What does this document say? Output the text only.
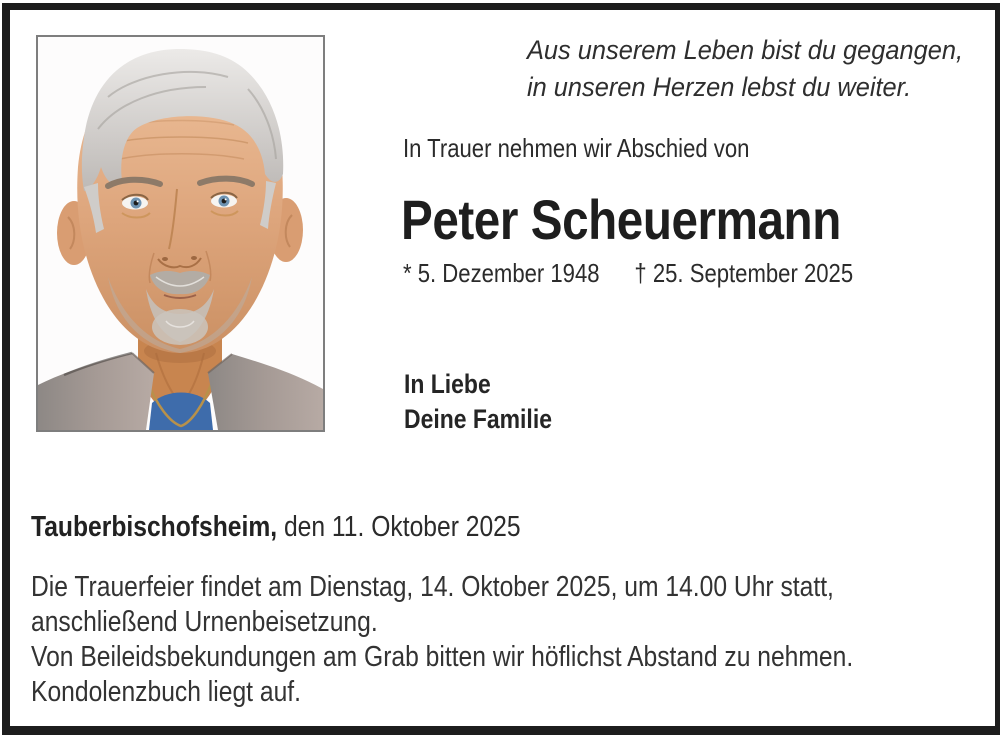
Aus unserem Leben bist du gegangen,
in unseren Herzen lebst du weiter.
In Trauer nehmen wir Abschied von
Peter Scheuermann
* 5. Dezember 1948 † 25. September 2025
In Liebe
Deine Familie
Tauberbischofsheim, den 11. Oktober 2025
Die Trauerfeier findet am Dienstag, 14. Oktober 2025, um 14.00 Uhr statt,
anschließend Urnenbeisetzung.
Von Beileidsbekundungen am Grab bitten wir höflichst Abstand zu nehmen.
Kondolenzbuch liegt auf.
